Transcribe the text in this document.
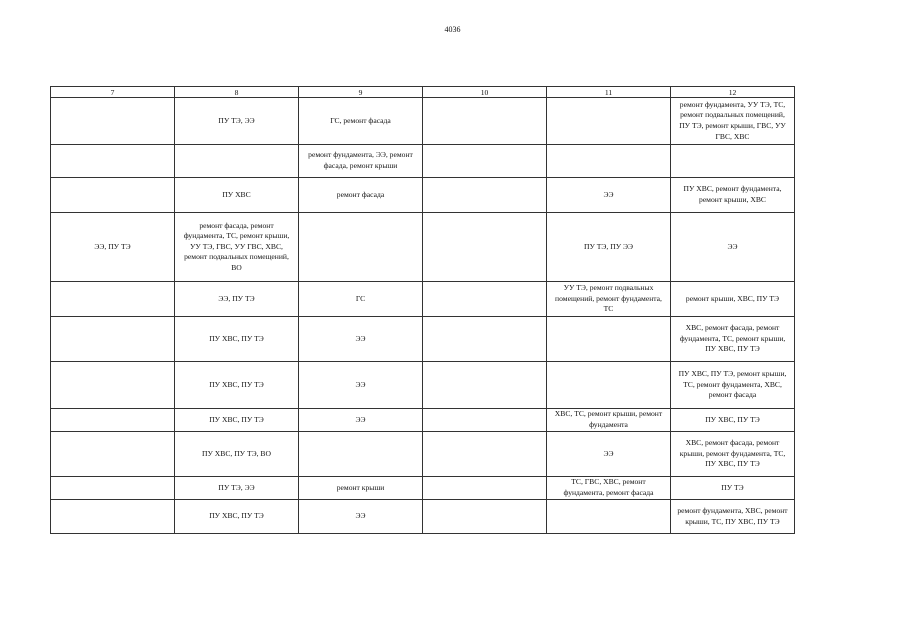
4036
7	8	9	10	11	12
	ПУ ТЭ, ЭЭ	ГС, ремонт фасада			ремонт фундамента, УУ ТЭ, ТС, ремонт подвальных помещений, ПУ ТЭ, ремонт крыши, ГВС, УУ ГВС, ХВС
		ремонт фундамента, ЭЭ, ремонт фасада, ремонт крыши			
	ПУ ХВС	ремонт фасада		ЭЭ	ПУ ХВС, ремонт фундамента, ремонт крыши, ХВС
ЭЭ, ПУ ТЭ	ремонт фасада, ремонт фундамента, ТС, ремонт крыши, УУ ТЭ, ГВС, УУ ГВС, ХВС, ремонт подвальных помещений, ВО			ПУ ТЭ, ПУ ЭЭ	ЭЭ
	ЭЭ, ПУ ТЭ	ГС		УУ ТЭ, ремонт подвальных помещений, ремонт фундамента, ТС	ремонт крыши, ХВС, ПУ ТЭ
	ПУ ХВС, ПУ ТЭ	ЭЭ			ХВС, ремонт фасада, ремонт фундамента, ТС, ремонт крыши, ПУ ХВС, ПУ ТЭ
	ПУ ХВС, ПУ ТЭ	ЭЭ			ПУ ХВС, ПУ ТЭ, ремонт крыши, ТС, ремонт фундамента, ХВС, ремонт фасада
	ПУ ХВС, ПУ ТЭ	ЭЭ		ХВС, ТС, ремонт крыши, ремонт фундамента	ПУ ХВС, ПУ ТЭ
	ПУ ХВС, ПУ ТЭ, ВО			ЭЭ	ХВС, ремонт фасада, ремонт крыши, ремонт фундамента, ТС, ПУ ХВС, ПУ ТЭ
	ПУ ТЭ, ЭЭ	ремонт крыши		ТС, ГВС, ХВС, ремонт фундамента, ремонт фасада	ПУ ТЭ
	ПУ ХВС, ПУ ТЭ	ЭЭ			ремонт фундамента, ХВС, ремонт крыши, ТС, ПУ ХВС, ПУ ТЭ
